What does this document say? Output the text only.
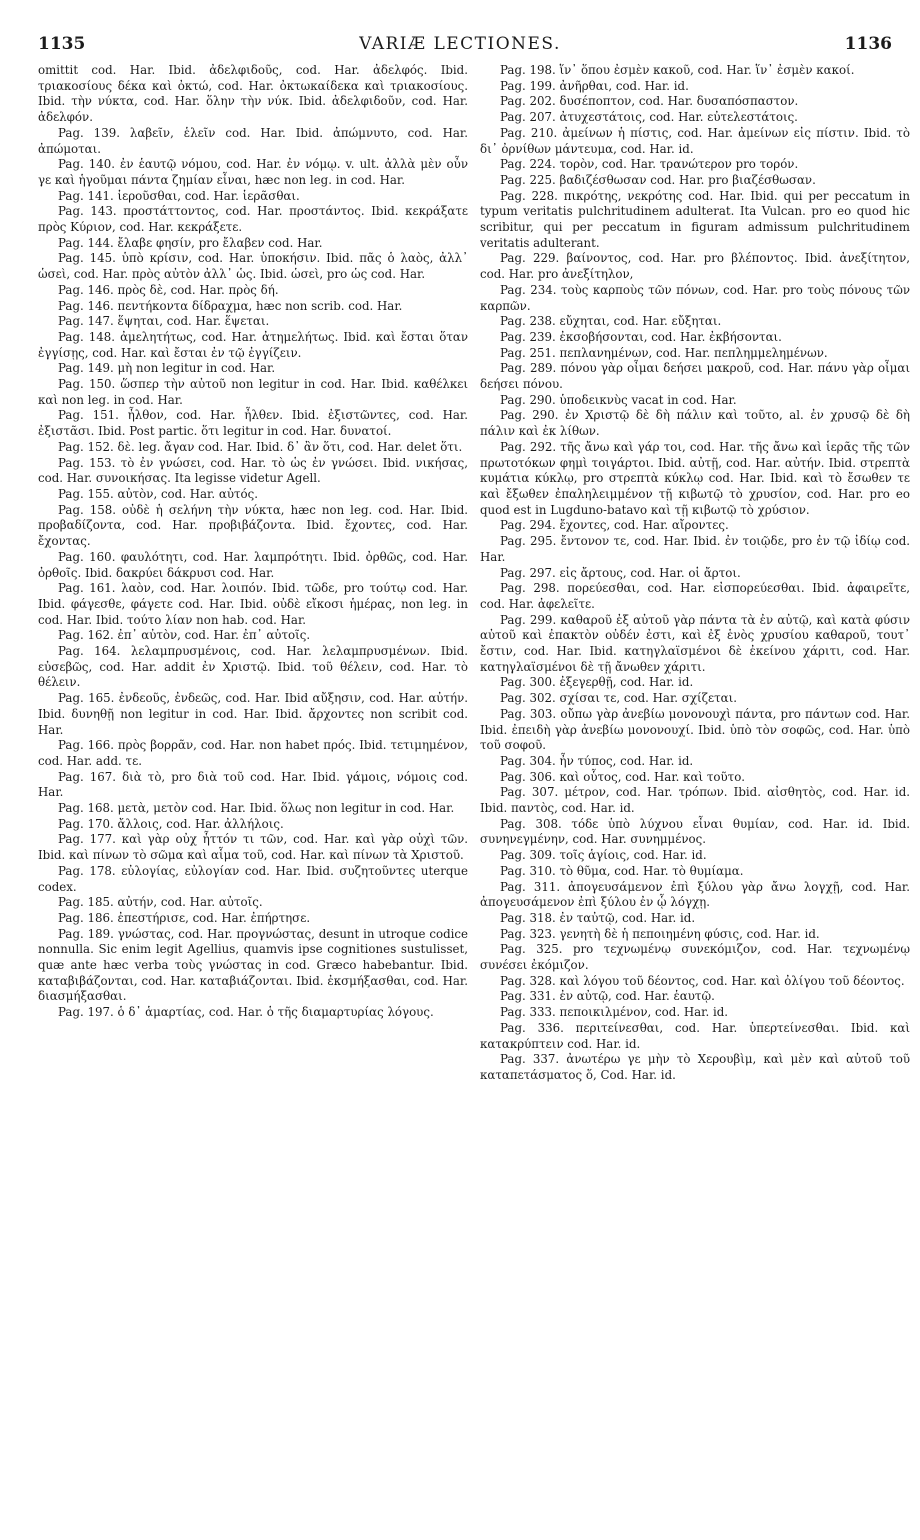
1135	VARIÆ LECTIONES.	1136

omittit cod. Har. Ibid. ἀδελφιδοῦς, cod. Har. ἀδελφός. Ibid. τριακοσίους δέκα καὶ ὀκτώ, cod. Har. ὀκτωκαίδεκα καὶ τριακοσίους. Ibid. τὴν νύκτα, cod. Har. ὅλην τὴν νύκ. Ibid. ἀδελφιδοῦν, cod. Har. ἀδελφόν.

Pag. 139. λαβεῖν, ἑλεῖν cod. Har. Ibid. ἀπώμνυτο, cod. Har. ἀπώμοται.

Pag. 140. ἐν ἑαυτῷ νόμου, cod. Har. ἐν νόμῳ. v. ult. ἀλλὰ μὲν οὖν γε καὶ ἡγοῦμαι πάντα ζημίαν εἶναι, hæc non leg. in cod. Har.

Pag. 141. ἱεροῦσθαι, cod. Har. ἱερᾶσθαι.

Pag. 143. προστάττοντος, cod. Har. προστάντος. Ibid. κεκράξατε πρὸς Κύριον, cod. Har. κεκράξετε.

Pag. 144. ἔλαβε φησίν, pro ἔλαβεν cod. Har.

Pag. 145. ὑπὸ κρίσιν, cod. Har. ὑποκήσιν. Ibid. πᾶς ὁ λαὸς, ἀλλ᾽ ὡσεὶ, cod. Har. πρὸς αὐτὸν ἀλλ᾽ ὡς. Ibid. ὡσεὶ, pro ὡς cod. Har.

Pag. 146. πρὸς δὲ, cod. Har. πρὸς δή.

Pag. 146. πεντήκοντα δίδραχμα, hæc non scrib. cod. Har.

Pag. 147. ἕψηται, cod. Har. ἕψεται.

Pag. 148. ἀμελητήτως, cod. Har. ἀτημελήτως. Ibid. καὶ ἔσται ὅταν ἐγγίσῃς, cod. Har. καὶ ἔσται ἐν τῷ ἐγγίζειν.

Pag. 149. μὴ non legitur in cod. Har.

Pag. 150. ὥσπερ τὴν αὐτοῦ non legitur in cod. Har. Ibid. καθέλκει καὶ non leg. in cod. Har.

Pag. 151. ἦλθον, cod. Har. ἦλθεν. Ibid. ἐξιστῶντες, cod. Har. ἐξιστᾶσι. Ibid. Post partic. ὅτι legitur in cod. Har. δυνατοί.

Pag. 152. δὲ. leg. ἄγαν cod. Har. Ibid. δ᾽ ἂν ὅτι, cod. Har. delet ὅτι.

Pag. 153. τὸ ἐν γνώσει, cod. Har. τὸ ὡς ἐν γνώσει. Ibid. νικήσας, cod. Har. συνοικήσας. Ita legisse videtur Agell.

Pag. 155. αὐτὸν, cod. Har. αὐτός.

Pag. 158. οὐδὲ ἡ σελήνη τὴν νύκτα, hæc non leg. cod. Har. Ibid. προβαδίζοντα, cod. Har. προβιβάζοντα. Ibid. ἔχοντες, cod. Har. ἔχοντας.

Pag. 160. φαυλότητι, cod. Har. λαμπρότητι. Ibid. ὀρθῶς, cod. Har. ὀρθοῖς. Ibid. δακρύει δάκρυσι cod. Har.

Pag. 161. λαὸν, cod. Har. λοιπόν. Ibid. τῶδε, pro τούτῳ cod. Har. Ibid. φάγεσθε, φάγετε cod. Har. Ibid. οὐδὲ εἴκοσι ἡμέρας, non leg. in cod. Har. Ibid. τούτο λίαν non hab. cod. Har.

Pag. 162. ἐπ᾽ αὐτὸν, cod. Har. ἐπ᾽ αὐτοῖς.

Pag. 164. λελαμπρυσμένοις, cod. Har. λελαμπρυσμένων. Ibid. εὐσεβῶς, cod. Har. addit ἐν Χριστῷ. Ibid. τοῦ θέλειν, cod. Har. τὸ θέλειν.

Pag. 165. ἐνδεοῦς, ἐνδεῶς, cod. Har. Ibid αὔξησιν, cod. Har. αὐτήν. Ibid. δυνηθῇ non legitur in cod. Har. Ibid. ἄρχοντες non scribit cod. Har.

Pag. 166. πρὸς βορρᾶν, cod. Har. non habet πρός. Ibid. τετιμημένον, cod. Har. add. τε.

Pag. 167. διὰ τὸ, pro διὰ τοῦ cod. Har. Ibid. γάμοις, νόμοις cod. Har.

Pag. 168. μετὰ, μετὸν cod. Har. Ibid. ὅλως non legitur in cod. Har.

Pag. 170. ἄλλοις, cod. Har. ἀλλήλοις.

Pag. 177. καὶ γὰρ οὐχ ἧττόν τι τῶν, cod. Har. καὶ γὰρ οὐχὶ τῶν. Ibid. καὶ πίνων τὸ σῶμα καὶ αἷμα τοῦ, cod. Har. καὶ πίνων τὰ Χριστοῦ.

Pag. 178. εὐλογίας, εὐλογίαν cod. Har. Ibid. συζητοῦντες uterque codex.

Pag. 185. αὐτήν, cod. Har. αὐτοῖς.

Pag. 186. ἐπεστήρισε, cod. Har. ἐπήρτησε.

Pag. 189. γνώστας, cod. Har. προγνώστας, desunt in utroque codice nonnulla. Sic enim legit Agellius, quamvis ipse cognitiones sustulisset, quæ ante hæc verba τοὺς γνώστας in cod. Græco habebantur. Ibid. καταβιβάζονται, cod. Har. καταβιάζονται. Ibid. ἐκσμήξασθαι, cod. Har. διασμήξασθαι.

Pag. 197. ὁ δ᾽ ἁμαρτίας, cod. Har. ὁ τῆς διαμαρτυρίας λόγους.

Pag. 198. ἵν᾽ ὅπου ἐσμὲν κακοῦ, cod. Har. ἵν᾽ ἐσμὲν κακοί.

Pag. 199. ἀνῆρθαι, cod. Har. id.

Pag. 202. δυσέποπτον, cod. Har. δυσαπόσπαστον.

Pag. 207. ἀτυχεστάτοις, cod. Har. εὐτελεστάτοις.

Pag. 210. ἀμείνων ἡ πίστις, cod. Har. ἀμείνων εἰς πίστιν. Ibid. τὸ δι᾽ ὀρνίθων μάντευμα, cod. Har. id.

Pag. 224. τορὸν, cod. Har. τρανώτερον pro τορόν.

Pag. 225. βαδιζέσθωσαν cod. Har. pro βιαζέσθωσαν.

Pag. 228. πικρότης, νεκρότης cod. Har. Ibid. qui per peccatum in typum veritatis pulchritudinem adulterat. Ita Vulcan. pro eo quod hic scribitur, qui per peccatum in figuram admissum pulchritudinem veritatis adulterant.

Pag. 229. βαίνοντος, cod. Har. pro βλέποντος. Ibid. ἀνεξίτητον, cod. Har. pro ἀνεξίτηλον,

Pag. 234. τοὺς καρποὺς τῶν πόνων, cod. Har. pro τοὺς πόνους τῶν καρπῶν.

Pag. 238. εὔχηται, cod. Har. εὔξηται.

Pag. 239. ἐκσοβήσονται, cod. Har. ἐκβήσονται.

Pag. 251. πεπλανημένων, cod. Har. πεπλημμελημένων.

Pag. 289. πόνου γὰρ οἶμαι δεήσει μακροῦ, cod. Har. πάνυ γὰρ οἶμαι δεήσει πόνου.

Pag. 290. ὑποδεικνὺς vacat in cod. Har.

Pag. 290. ἐν Χριστῷ δὲ δὴ πάλιν καὶ τοῦτο, al. ἐν χρυσῷ δὲ δὴ πάλιν καὶ ἐκ λίθων.

Pag. 292. τῆς ἄνω καὶ γάρ τοι, cod. Har. τῆς ἄνω καὶ ἱερᾶς τῆς τῶν πρωτοτόκων φημὶ τοιγάρτοι. Ibid. αὐτῇ, cod. Har. αὐτήν. Ibid. στρεπτὰ κυμάτια κύκλῳ, pro στρεπτὰ κύκλῳ cod. Har. Ibid. καὶ τὸ ἔσωθεν τε καὶ ἔξωθεν ἐπαληλειμμένον τῇ κιβωτῷ τὸ χρυσίον, cod. Har. pro eo quod est in Lugduno-batavo καὶ τῇ κιβωτῷ τὸ χρύσιον.

Pag. 294. ἔχοντες, cod. Har. αἴροντες.

Pag. 295. ἔντονον τε, cod. Har. Ibid. ἐν τοιῷδε, pro ἐν τῷ ἰδίῳ cod. Har.

Pag. 297. εἰς ἄρτους, cod. Har. οἱ ἄρτοι.

Pag. 298. πορεύεσθαι, cod. Har. εἰσπορεύεσθαι. Ibid. ἀφαιρεῖτε, cod. Har. ἀφελεῖτε.

Pag. 299. καθαροῦ ἐξ αὐτοῦ γὰρ πάντα τὰ ἐν αὐτῷ, καὶ κατὰ φύσιν αὐτοῦ καὶ ἐπακτὸν οὐδέν ἐστι, καὶ ἐξ ἑνὸς χρυσίου καθαροῦ, τουτ᾽ ἔστιν, cod. Har. Ibid. κατηγλαϊσμένοι δὲ ἐκείνου χάριτι, cod. Har. κατηγλαϊσμένοι δὲ τῇ ἄνωθεν χάριτι.

Pag. 300. ἐξεγερθῇ, cod. Har. id.

Pag. 302. σχίσαι τε, cod. Har. σχίζεται.

Pag. 303. οὔπω γὰρ ἀνεβίω μονονουχὶ πάντα, pro πάντων cod. Har. Ibid. ἐπειδὴ γὰρ ἀνεβίω μονονουχί. Ibid. ὑπὸ τὸν σοφῶς, cod. Har. ὑπὸ τοῦ σοφοῦ.

Pag. 304. ἦν τύπος, cod. Har. id.

Pag. 306. καὶ οὗτος, cod. Har. καὶ τοῦτο.

Pag. 307. μέτρον, cod. Har. τρόπων. Ibid. αἰσθητὸς, cod. Har. id. Ibid. παντὸς, cod. Har. id.

Pag. 308. τόδε ὑπὸ λύχνου εἶναι θυμίαν, cod. Har. id. Ibid. συνηνεγμένην, cod. Har. συνημμένος.

Pag. 309. τοῖς ἁγίοις, cod. Har. id.

Pag. 310. τὸ θῦμα, cod. Har. τὸ θυμίαμα.

Pag. 311. ἀπογευσάμενον ἐπὶ ξύλου γὰρ ἄνω λογχῇ, cod. Har. ἀπογευσάμενον ἐπὶ ξύλου ἐν ᾧ λόγχῃ.

Pag. 318. ἐν ταὐτῷ, cod. Har. id.

Pag. 323. γενητὴ δὲ ἡ πεποιημένη φύσις, cod. Har. id.

Pag. 325. pro τεχνωμένῳ συνεκόμιζον, cod. Har. τεχνωμένῳ συνέσει ἐκόμιζον.

Pag. 328. καὶ λόγου τοῦ δέοντος, cod. Har. καὶ ὀλίγου τοῦ δέοντος.

Pag. 331. ἐν αὐτῷ, cod. Har. ἑαυτῷ.

Pag. 333. πεποικιλμένον, cod. Har. id.

Pag. 336. περιτείνεσθαι, cod. Har. ὑπερτείνεσθαι. Ibid. καὶ κατακρύπτειν cod. Har. id.

Pag. 337. ἀνωτέρω γε μὴν τὸ Χερουβὶμ, καὶ μὲν καὶ αὐτοῦ τοῦ καταπετάσματος ὅ, Cod. Har. id.
